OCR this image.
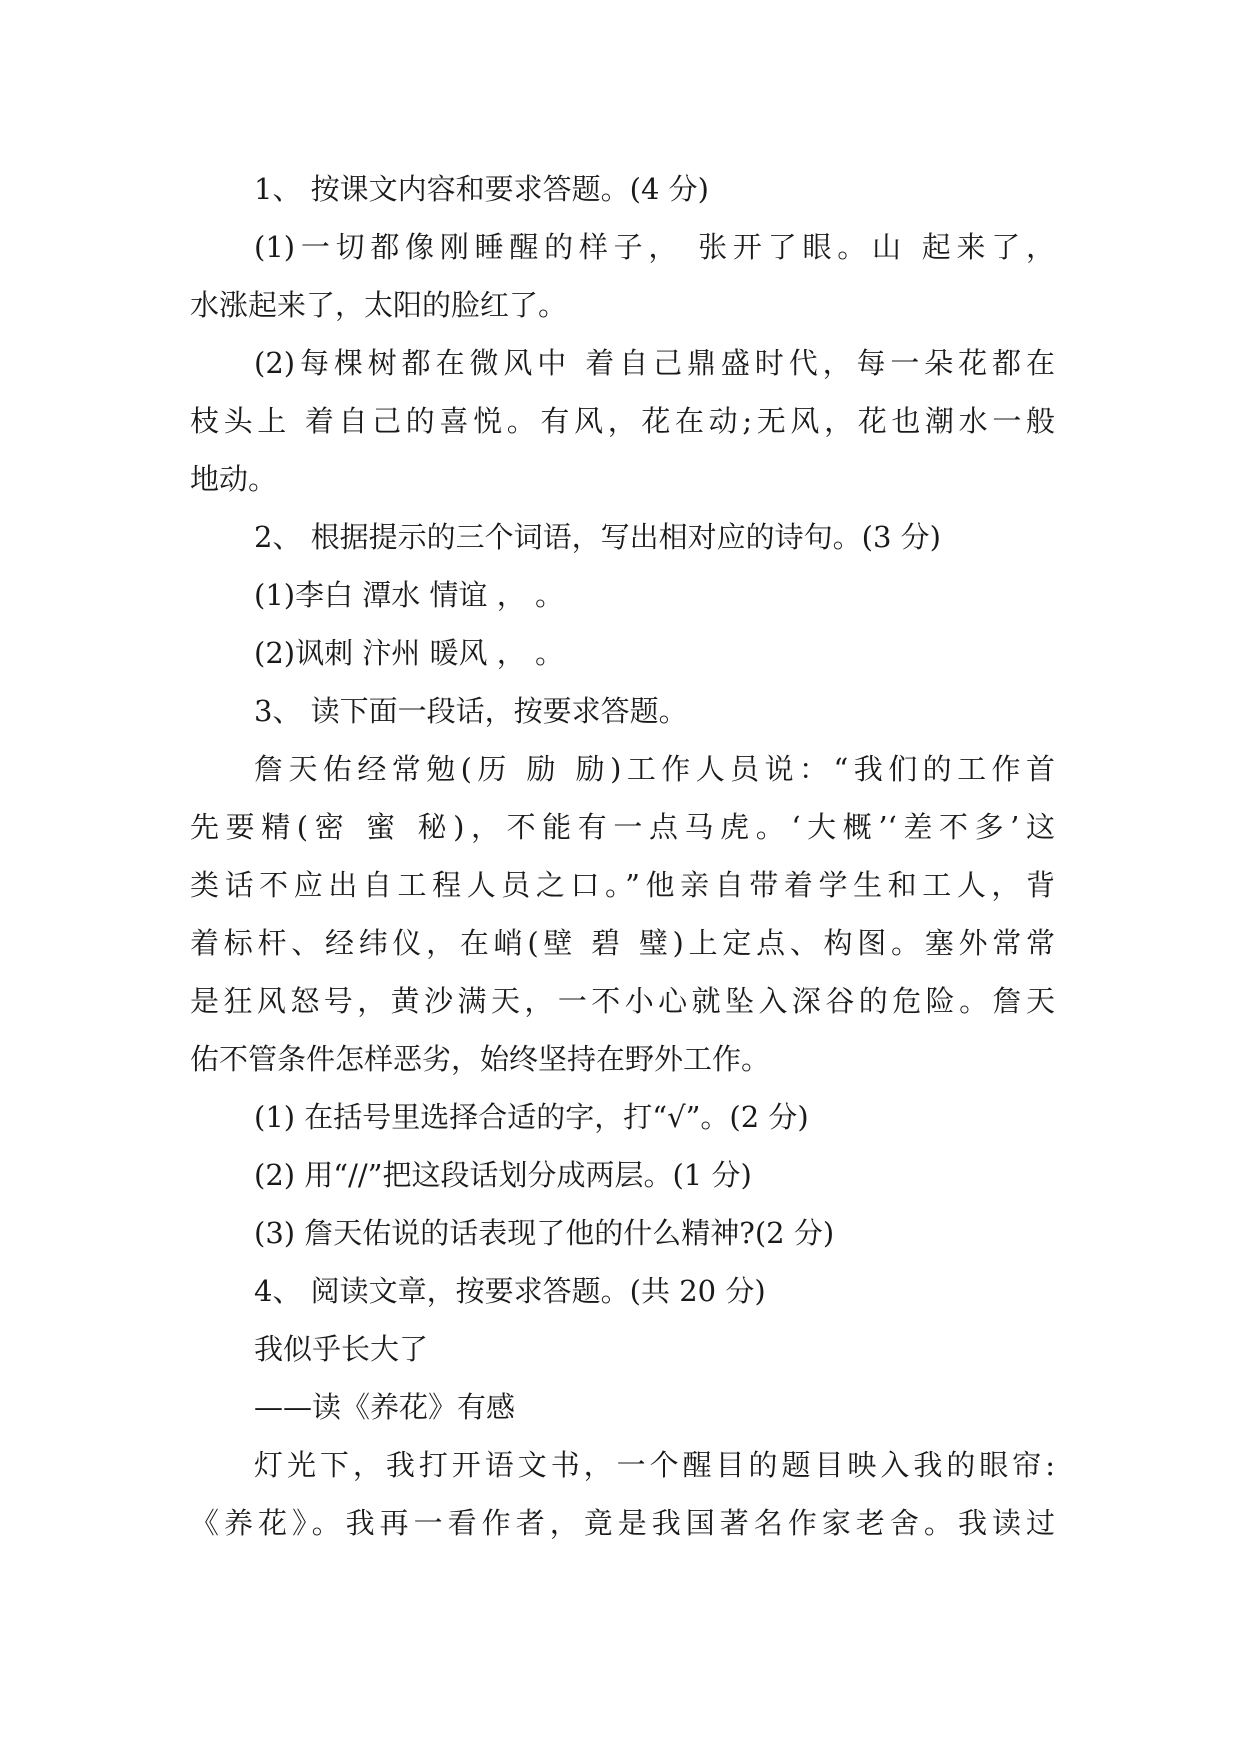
1、 按课文内容和要求答题。(4 分)
(1)一切都像刚睡醒的样子， 张开了眼。山 起来了，
水涨起来了，太阳的脸红了。
(2)每棵树都在微风中 着自己鼎盛时代，每一朵花都在
枝头上 着自己的喜悦。有风，花在动;无风，花也潮水一般
地动。
2、 根据提示的三个词语，写出相对应的诗句。(3 分)
(1)李白 潭水 情谊 ， 。
(2)讽刺 汴州 暖风 ， 。
3、 读下面一段话，按要求答题。
詹天佑经常勉(历 励 励)工作人员说：“我们的工作首
先要精(密 蜜 秘)，不能有一点马虎。‘大概’‘差不多’这
类话不应出自工程人员之口。”他亲自带着学生和工人，背
着标杆、经纬仪，在峭(壁 碧 璧)上定点、构图。塞外常常
是狂风怒号，黄沙满天，一不小心就坠入深谷的危险。詹天
佑不管条件怎样恶劣，始终坚持在野外工作。
(1) 在括号里选择合适的字，打“√”。(2 分)
(2) 用“//”把这段话划分成两层。(1 分)
(3) 詹天佑说的话表现了他的什么精神?(2 分)
4、 阅读文章，按要求答题。(共 20 分)
我似乎长大了
——读《养花》有感
灯光下，我打开语文书，一个醒目的题目映入我的眼帘:
《养花》。我再一看作者，竟是我国著名作家老舍。我读过
